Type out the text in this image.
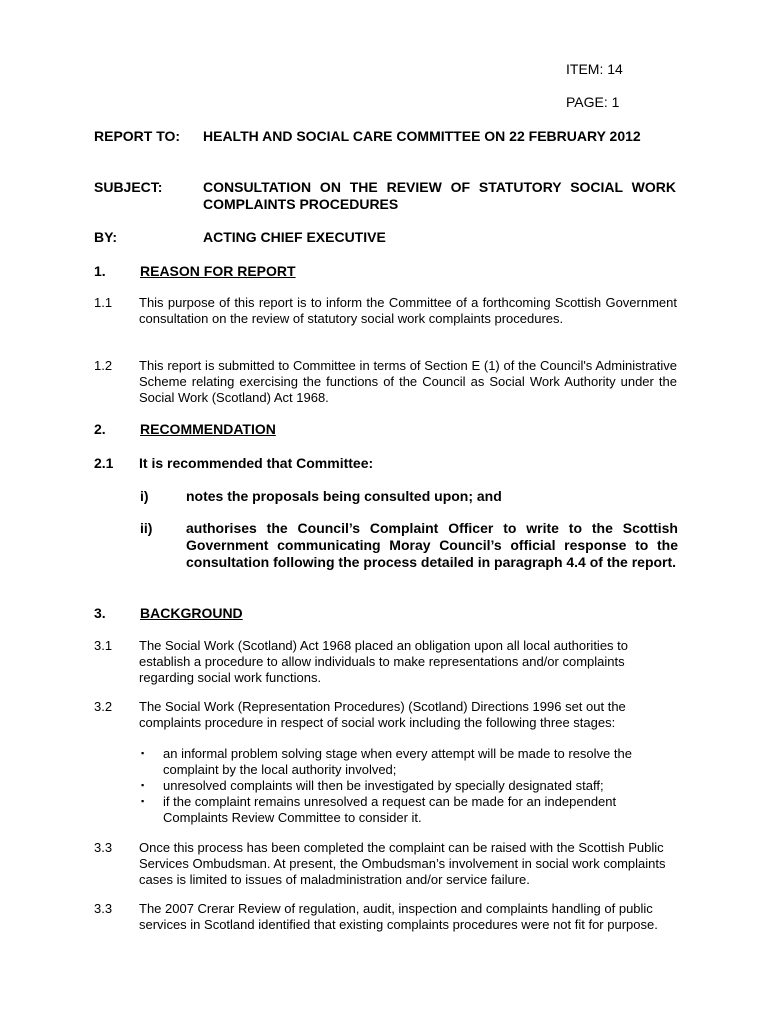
ITEM: 14
PAGE: 1
REPORT TO: HEALTH AND SOCIAL CARE COMMITTEE ON 22 FEBRUARY 2012
SUBJECT:	CONSULTATION ON THE REVIEW OF STATUTORY SOCIAL WORK COMPLAINTS PROCEDURES
BY:	ACTING CHIEF EXECUTIVE
1. REASON FOR REPORT
1.1 This purpose of this report is to inform the Committee of a forthcoming Scottish Government consultation on the review of statutory social work complaints procedures.
1.2 This report is submitted to Committee in terms of Section E (1) of the Council's Administrative Scheme relating exercising the functions of the Council as Social Work Authority under the Social Work (Scotland) Act 1968.
2. RECOMMENDATION
2.1 It is recommended that Committee:
i)	notes the proposals being consulted upon; and
ii) authorises the Council’s Complaint Officer to write to the Scottish Government communicating Moray Council’s official response to the consultation following the process detailed in paragraph 4.4 of the report.
3. BACKGROUND
3.1 The Social Work (Scotland) Act 1968 placed an obligation upon all local authorities to establish a procedure to allow individuals to make representations and/or complaints regarding social work functions.
3.2 The Social Work (Representation Procedures) (Scotland) Directions 1996 set out the complaints procedure in respect of social work including the following three stages:
▪ an informal problem solving stage when every attempt will be made to resolve the complaint by the local authority involved;
▪ unresolved complaints will then be investigated by specially designated staff;
▪ if the complaint remains unresolved a request can be made for an independent Complaints Review Committee to consider it.
3.3 Once this process has been completed the complaint can be raised with the Scottish Public Services Ombudsman. At present, the Ombudsman’s involvement in social work complaints cases is limited to issues of maladministration and/or service failure.
3.3 The 2007 Crerar Review of regulation, audit, inspection and complaints handling of public services in Scotland identified that existing complaints procedures were not fit for purpose.
